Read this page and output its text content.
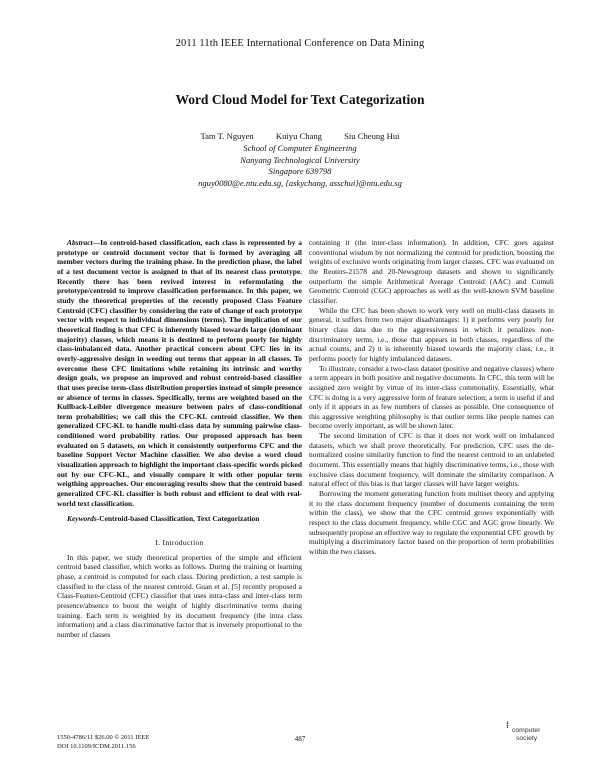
2011 11th IEEE International Conference on Data Mining
Word Cloud Model for Text Categorization
Tam T. Nguyen	Kuiyu Chang	Siu Cheung Hui
School of Computer Engineering
Nanyang Technological University
Singapore 639798
nguy0080@e.ntu.edu.sg, {askychang, asschui}@ntu.edu.sg

Abstract—In centroid-based classification, each class is represented by a prototype or centroid document vector that is formed by averaging all member vectors during the training phase. In the prediction phase, the label of a test document vector is assigned to that of its nearest class prototype. Recently there has been revived interest in reformulating the prototype/centroid to improve classification performance. In this paper, we study the theoretical properties of the recently proposed Class Feature Centroid (CFC) classifier by considering the rate of change of each prototype vector with respect to individual dimensions (terms). The implication of our theoretical finding is that CFC is inherently biased towards large (dominant majority) classes, which means it is destined to perform poorly for highly class-imbalanced data. Another practical concern about CFC lies in its overly-aggressive design in weeding out terms that appear in all classes. To overcome these CFC limitations while retaining its intrinsic and worthy design goals, we propose an improved and robust centroid-based classifier that uses precise term-class distribution properties instead of simple presence or absence of terms in classes. Specifically, terms are weighted based on the Kullback-Leibler divergence measure between pairs of class-conditional term probabilities; we call this the CFC-KL centroid classifier. We then generalized CFC-KL to handle multi-class data by summing pairwise class-conditioned word probability ratios. Our proposed approach has been evaluated on 5 datasets, on which it consistently outperforms CFC and the baseline Support Vector Machine classifier. We also devise a word cloud visualization approach to highlight the important class-specific words picked out by our CFC-KL, and visually compare it with other popular term weigthing approaches. Our encouraging results show that the centroid based generalized CFC-KL classifier is both robust and efficient to deal with real-world text classification.

Keywords-Centroid-based Classification, Text Categorization

I. Introduction

In this paper, we study theoretical properties of the simple and efficient centroid based classifier, which works as follows. During the training or learning phase, a centroid is computed for each class. During prediction, a test sample is classified to the class of the nearest centroid. Guan et al. [5] recently proposed a Class-Feature-Centroid (CFC) classifier that uses intra-class and inter-class term presence/absence to boost the weight of highly discriminative terms during training. Each term is weighted by its document frequency (the intra class information) and a class discriminative factor that is inversely proportional to the number of classes

containing it (the inter-class information). In addition, CFC goes against conventional wisdom by not normalizing the centroid for prediction, boosting the weights of exclusive words originating from larger classes. CFC was evaluated on the Reuters-21578 and 20-Newsgroup datasets and shown to significantly outperform the simple Arithmetical Average Centroid (AAC) and Cumuli Geometric Centroid (CGC) approaches as well as the well-known SVM baseline classifier.

While the CFC has been shown to work very well on multi-class datasets in general, it suffers from two major disadvantages: 1) it performs very poorly for binary class data due to the aggressiveness in which it penalizes non-discriminatory terms, i.e., those that appears in both classes, regardless of the actual counts, and 2) it is inherently biased towards the majority class, i.e., it performs poorly for highly imbalanced datasets.

To illustrate, consider a two-class dataset (positive and negative classes) where a term appears in both positive and negative documents. In CFC, this term will be assigned zero weight by virtue of its inter-class commonality. Essentially, what CFC is doing is a very aggressive form of feature selection; a term is useful if and only if it appears in as few numbers of classes as possible. One consequence of this aggressive weighting philosophy is that outlier terms like people names can become overly important, as will be shown later.

The second limitation of CFC is that it does not work well on imbalanced datasets, which we shall prove theoretically. For prediction, CFC uses the de-normalized cosine similarity function to find the nearest centroid to an unlabeled document. This essentially means that highly discriminative terms, i.e., those with exclusive class document frequency, will dominate the similarity comparison. A natural effect of this bias is that larger classes will have larger weights.

Borrowing the moment generating function from multiset theory and applying it to the class document frequency (number of documents containing the term within the class), we show that the CFC centroid grows exponentially with respect to the class document frequency, while CGC and AGC grow linearly. We subsequently propose an effective way to regulate the exponential CFC growth by multiplying a discriminatory factor based on the proportion of term probabilities within the two classes.

1550-4786/11 $26.00 © 2011 IEEE
DOI 10.1109/ICDM.2011.156
487
⁞
computer
society
